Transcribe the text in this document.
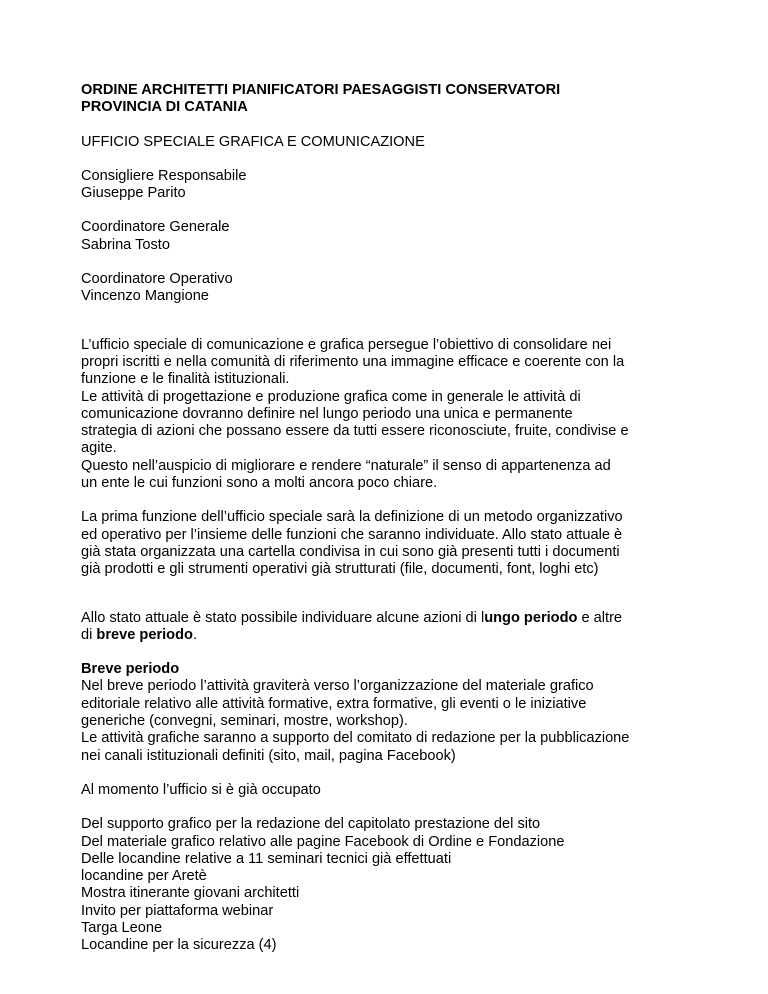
ORDINE ARCHITETTI PIANIFICATORI PAESAGGISTI CONSERVATORI
PROVINCIA DI CATANIA
UFFICIO SPECIALE GRAFICA E COMUNICAZIONE
Consigliere Responsabile
Giuseppe Parito
Coordinatore Generale
Sabrina Tosto
Coordinatore Operativo
Vincenzo Mangione
L’ufficio speciale di comunicazione e grafica persegue l’obiettivo di consolidare nei
propri iscritti e nella comunità di riferimento una immagine efficace e coerente con la
funzione e le finalità istituzionali.
Le attività di progettazione e produzione grafica come in generale le attività di
comunicazione dovranno definire nel lungo periodo una unica e permanente
strategia di azioni che possano essere da tutti essere riconosciute, fruite, condivise e
agite.
Questo nell’auspicio di migliorare e rendere “naturale” il senso di appartenenza ad
un ente le cui funzioni sono a molti ancora poco chiare.
La prima funzione dell’ufficio speciale sarà la definizione di un metodo organizzativo
ed operativo per l’insieme delle funzioni che saranno individuate. Allo stato attuale è
già stata organizzata una cartella condivisa in cui sono già presenti tutti i documenti
già prodotti e gli strumenti operativi già strutturati (file, documenti, font, loghi etc)
Allo stato attuale è stato possibile individuare alcune azioni di lungo periodo e altre
di breve periodo.
Breve periodo
Nel breve periodo l’attività graviterà verso l’organizzazione del materiale grafico
editoriale relativo alle attività formative, extra formative, gli eventi o le iniziative
generiche (convegni, seminari, mostre, workshop).
Le attività grafiche saranno a supporto del comitato di redazione per la pubblicazione
nei canali istituzionali definiti (sito, mail, pagina Facebook)
Al momento l’ufficio si è già occupato
Del supporto grafico per la redazione del capitolato prestazione del sito
Del materiale grafico relativo alle pagine Facebook di Ordine e Fondazione
Delle locandine relative a 11 seminari tecnici già effettuati
locandine per Aretè
Mostra itinerante giovani architetti
Invito per piattaforma webinar
Targa Leone
Locandine per la sicurezza (4)
